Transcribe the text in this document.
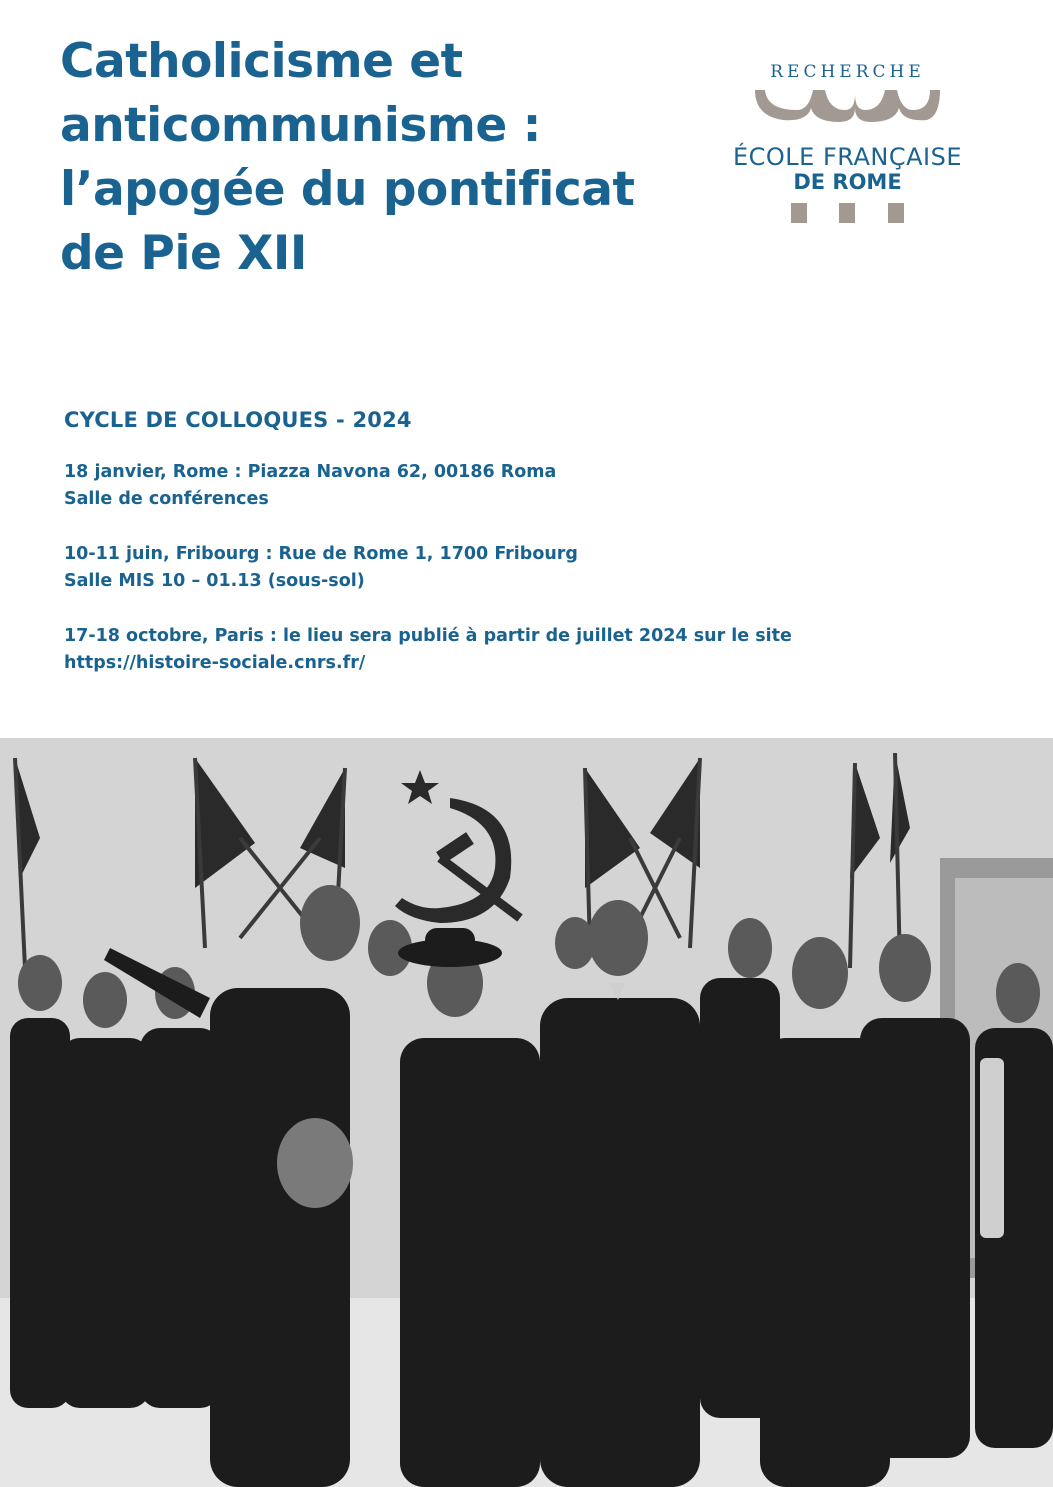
Catholicisme et
anticommunisme :
l’apogée du pontificat
de Pie XII
RECHERCHE
ÉCOLE FRANÇAISE
DE ROME
CYCLE DE COLLOQUES - 2024
18 janvier, Rome : Piazza Navona 62, 00186 Roma
Salle de conférences
10-11 juin, Fribourg : Rue de Rome 1, 1700 Fribourg
Salle MIS 10 – 01.13 (sous-sol)
17-18 octobre, Paris : le lieu sera publié à partir de juillet 2024 sur le site
https://histoire-sociale.cnrs.fr/
